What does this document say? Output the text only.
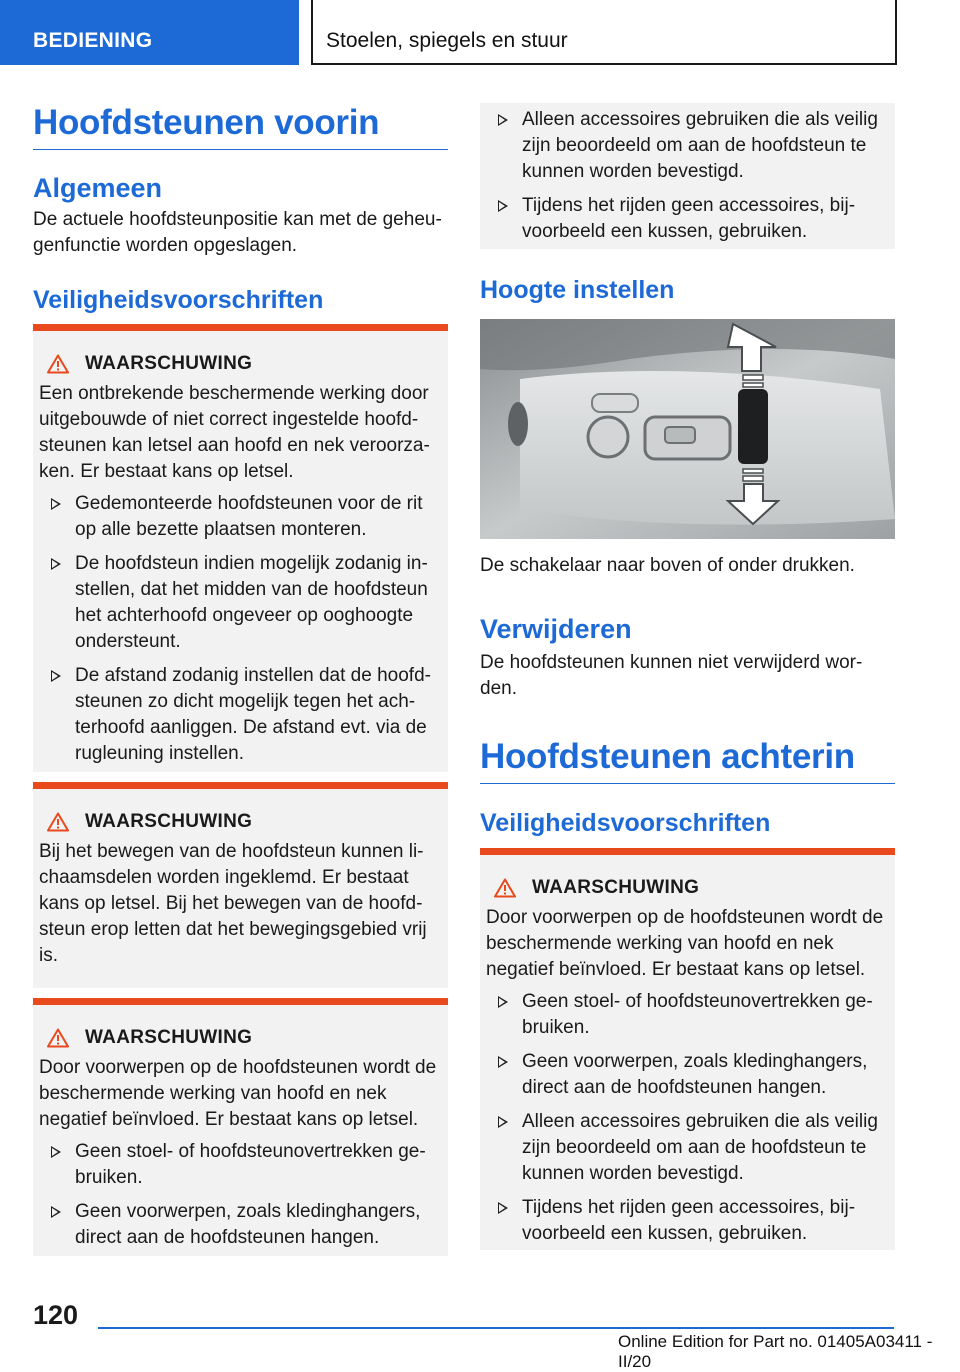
BEDIENING	Stoelen, spiegels en stuur
Hoofdsteunen voorin
Algemeen
De actuele hoofdsteunpositie kan met de geheu-genfunctie worden opgeslagen.
Veiligheidsvoorschriften
WAARSCHUWING
Een ontbrekende beschermende werking door uitgebouwde of niet correct ingestelde hoofd-steunen kan letsel aan hoofd en nek veroorza-ken. Er bestaat kans op letsel.
Gedemonteerde hoofdsteunen voor de rit op alle bezette plaatsen monteren.
De hoofdsteun indien mogelijk zodanig in-stellen, dat het midden van de hoofdsteun het achterhoofd ongeveer op ooghoogte ondersteunt.
De afstand zodanig instellen dat de hoofd-steunen zo dicht mogelijk tegen het ach-terhoofd aanliggen. De afstand evt. via de rugleuning instellen.
WAARSCHUWING
Bij het bewegen van de hoofdsteun kunnen li-chaamsdelen worden ingeklemd. Er bestaat kans op letsel. Bij het bewegen van de hoofd-steun erop letten dat het bewegingsgebied vrij is.
WAARSCHUWING
Door voorwerpen op de hoofdsteunen wordt de beschermende werking van hoofd en nek negatief beïnvloed. Er bestaat kans op letsel.
Geen stoel- of hoofdsteunovertrekken ge-bruiken.
Geen voorwerpen, zoals kledinghangers, direct aan de hoofdsteunen hangen.
Alleen accessoires gebruiken die als veilig zijn beoordeeld om aan de hoofdsteun te kunnen worden bevestigd.
Tijdens het rijden geen accessoires, bij-voorbeeld een kussen, gebruiken.
Hoogte instellen
De schakelaar naar boven of onder drukken.
Verwijderen
De hoofdsteunen kunnen niet verwijderd wor-den.
Hoofdsteunen achterin
Veiligheidsvoorschriften
WAARSCHUWING
Door voorwerpen op de hoofdsteunen wordt de beschermende werking van hoofd en nek negatief beïnvloed. Er bestaat kans op letsel.
Geen stoel- of hoofdsteunovertrekken ge-bruiken.
Geen voorwerpen, zoals kledinghangers, direct aan de hoofdsteunen hangen.
Alleen accessoires gebruiken die als veilig zijn beoordeeld om aan de hoofdsteun te kunnen worden bevestigd.
Tijdens het rijden geen accessoires, bij-voorbeeld een kussen, gebruiken.
120
Online Edition for Part no. 01405A03411 - II/20
